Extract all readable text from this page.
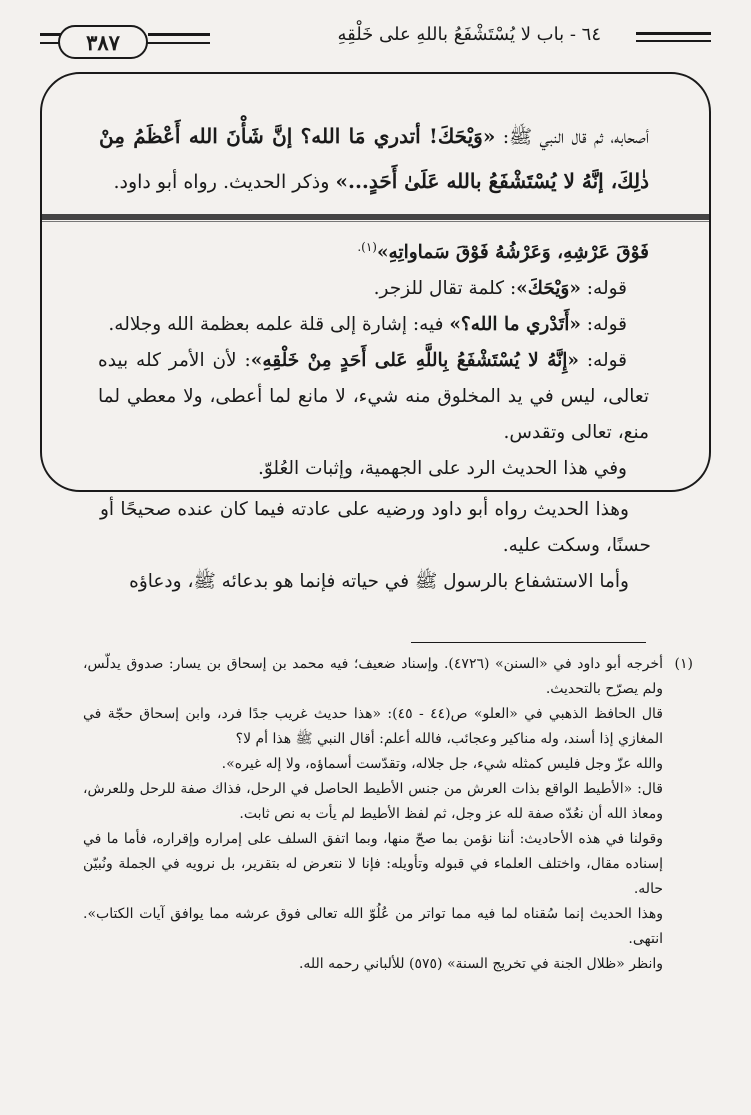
٦٤ - باب لا يُسْتَشْفَعُ باللهِ على خَلْقِهِ
٣٨٧
أصحابه، ثم قال النبي ﷺ: «وَيْحَكَ! أتدري مَا الله؟ إنَّ شَأْنَ الله أَعْظَمُ مِنْ ذٰلِكَ، إنَّهُ لا يُسْتَشْفَعُ بالله عَلَىٰ أَحَدٍ...» وذكر الحديث. رواه أبو داود.

فَوْقَ عَرْشِهِ، وَعَرْشُهُ فَوْقَ سَماواتِهِ»$^{(١).}$

قوله: «وَيْحَكَ»: كلمة تقال للزجر.

قوله: «أَتَدْري ما الله؟» فيه: إشارة إلى قلة علمه بعظمة الله وجلاله.

قوله: «إِنَّهُ لا يُسْتَشْفَعُ بِاللَّهِ عَلى أَحَدٍ مِنْ خَلْقِهِ»: لأن الأمر كله بيده تعالى، ليس في يد المخلوق منه شيء، لا مانع لما أعطى، ولا معطي لما منع، تعالى وتقدس.

وفي هذا الحديث الرد على الجهمية، وإثبات العُلوّ.

وهذا الحديث رواه أبو داود ورضيه على عادته فيما كان عنده صحيحًا أو حسنًا، وسكت عليه.

وأما الاستشفاع بالرسول ﷺ في حياته فإنما هو بدعائه ﷺ، ودعاؤه

(١)
أخرجه أبو داود في «السنن» (٤٧٢٦). وإسناد ضعيف؛ فيه محمد بن إسحاق بن يسار: صدوق يدلّس، ولم يصرّح بالتحديث.

قال الحافظ الذهبي في «العلو» ص(٤٤ - ٤٥): «هذا حديث غريب جدًا فرد، وابن إسحاق حجّة في المغازي إذا أسند، وله مناكير وعجائب، فالله أعلم: أقال النبي ﷺ هذا أم لا؟

والله عزّ وجل فليس كمثله شيء، جل جلاله، وتقدّست أسماؤه، ولا إله غيره».

قال: «الأطيط الواقع بذات العرش من جنس الأطيط الحاصل في الرحل، فذاك صفة للرحل وللعرش، ومعاذ الله أن نعُدّه صفة لله عز وجل، ثم لفظ الأطيط لم يأت به نص ثابت.

وقولنا في هذه الأحاديث: أننا نؤمن بما صحّ منها، وبما اتفق السلف على إمراره وإقراره، فأما ما في إسناده مقال، واختلف العلماء في قبوله وتأويله: فإنا لا نتعرض له بتقرير، بل نرويه في الجملة ونُبيّن حاله.

وهذا الحديث إنما سُقناه لما فيه مما تواتر من عُلُوّ الله تعالى فوق عرشه مما يوافق آيات الكتاب». انتهى.

وانظر «ظلال الجنة في تخريج السنة» (٥٧٥) للألباني رحمه الله.
